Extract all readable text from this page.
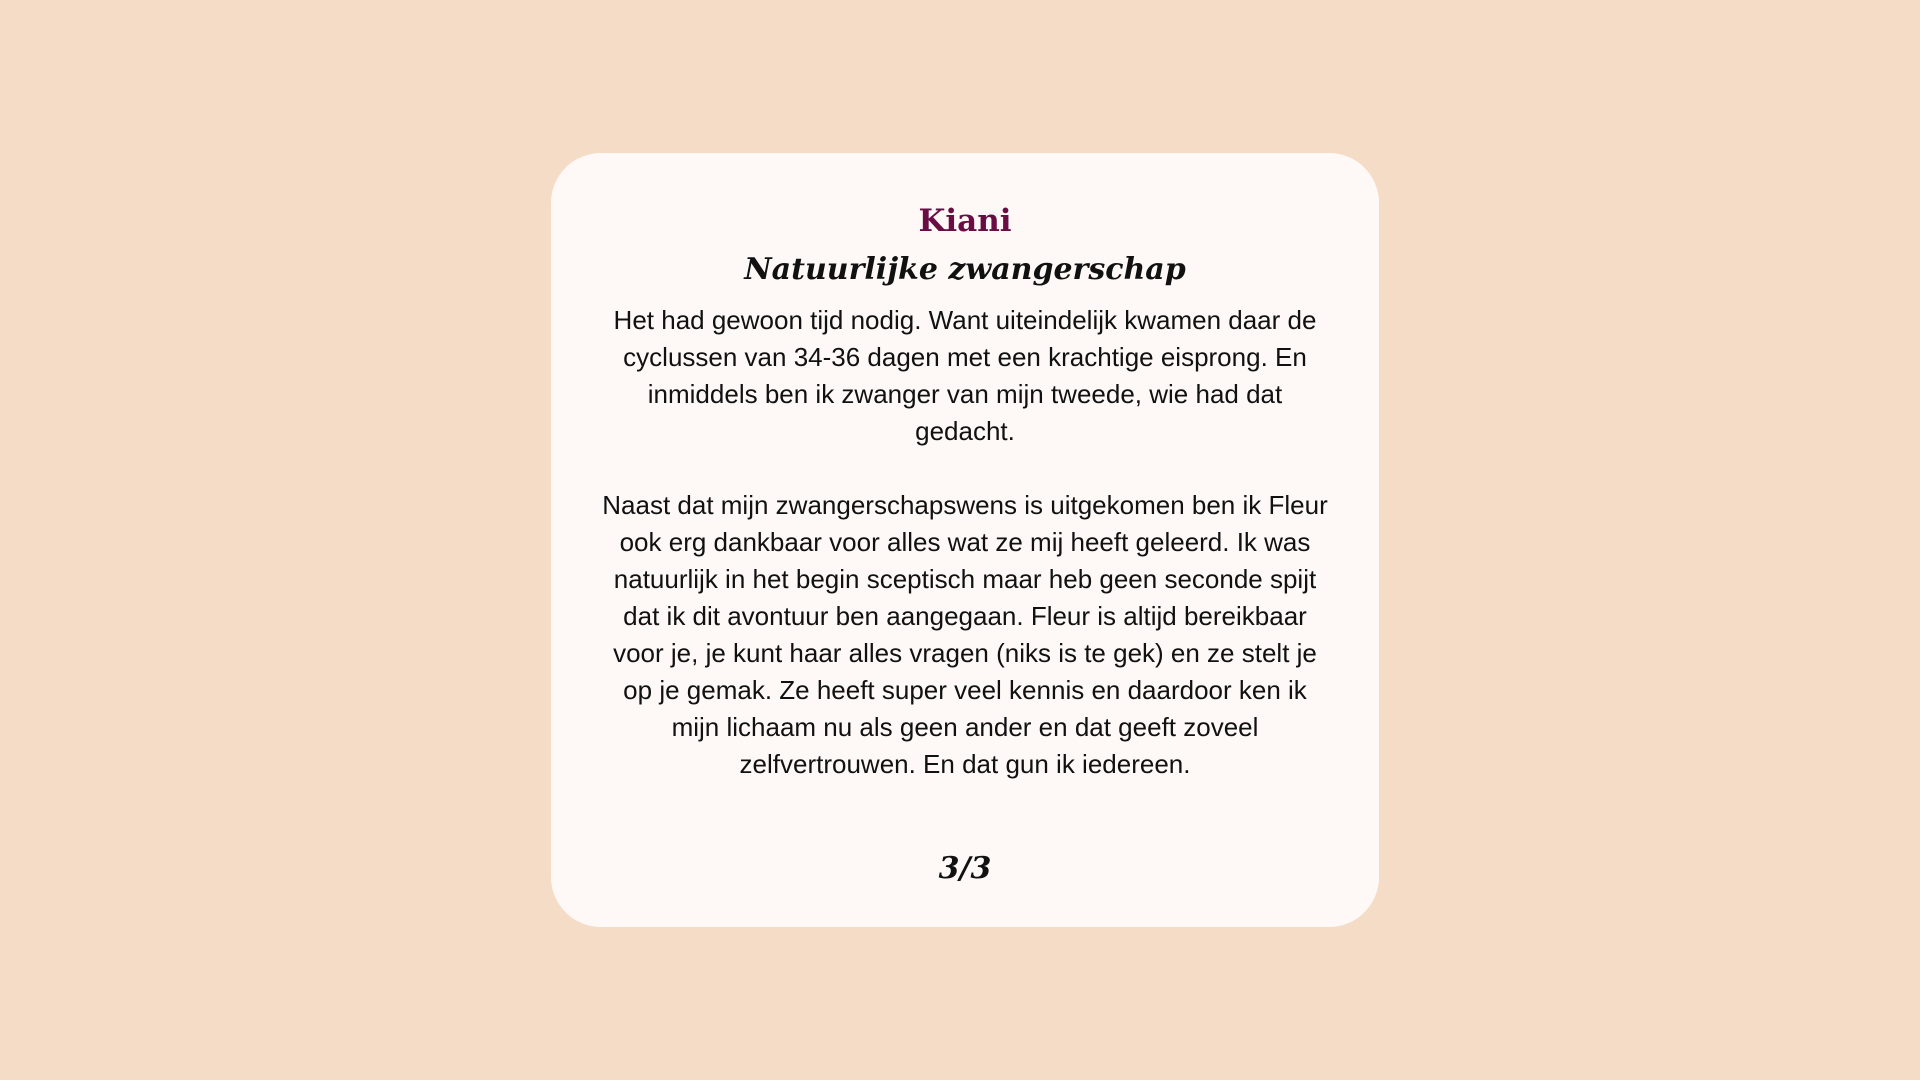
Kiani
Natuurlijke zwangerschap

Het had gewoon tijd nodig. Want uiteindelijk kwamen daar de cyclussen van 34-36 dagen met een krachtige eisprong. En inmiddels ben ik zwanger van mijn tweede, wie had dat gedacht.

Naast dat mijn zwangerschapswens is uitgekomen ben ik Fleur ook erg dankbaar voor alles wat ze mij heeft geleerd. Ik was natuurlijk in het begin sceptisch maar heb geen seconde spijt dat ik dit avontuur ben aangegaan. Fleur is altijd bereikbaar voor je, je kunt haar alles vragen (niks is te gek) en ze stelt je op je gemak. Ze heeft super veel kennis en daardoor ken ik mijn lichaam nu als geen ander en dat geeft zoveel zelfvertrouwen. En dat gun ik iedereen.

3/3
